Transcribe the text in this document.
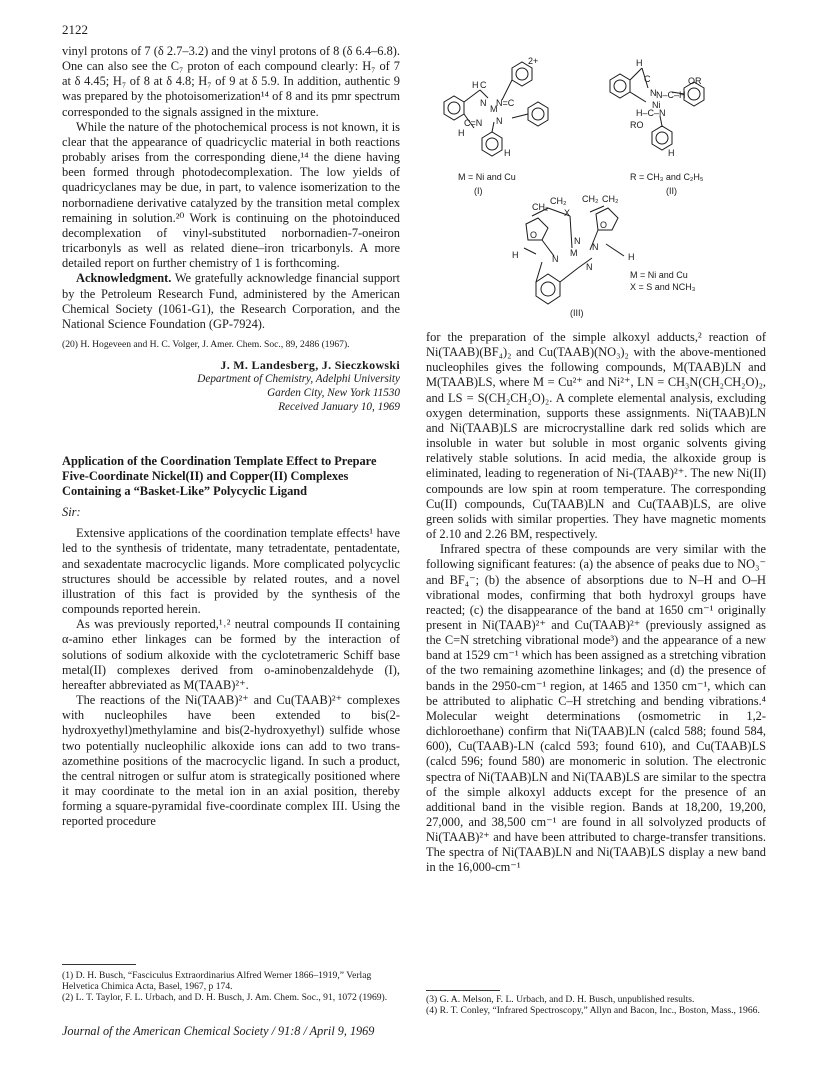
2122

vinyl protons of 7 (δ 2.7–3.2) and the vinyl protons of 8 (δ 6.4–6.8). One can also see the C₇ proton of each compound clearly: H₇ of 7 at δ 4.45; H₇ of 8 at δ 4.8; H₇ of 9 at δ 5.9. In addition, authentic 9 was prepared by the photoisomerization¹⁴ of 8 and its pmr spectrum corresponded to the signals assigned in the mixture.

While the nature of the photochemical process is not known, it is clear that the appearance of quadricyclic material in both reactions probably arises from the corresponding diene,¹⁴ the diene having been formed through photodecomplexation. The low yields of quadricyclanes may be due, in part, to valence isomerization to the norbornadiene derivative catalyzed by the transition metal complex remaining in solution.²⁰ Work is continuing on the photoinduced decomplexation of vinyl-substituted norbornadien-7-oneiron tricarbonyls as well as related diene–iron tricarbonyls. A more detailed report on further chemistry of 1 is forthcoming.

Acknowledgment. We gratefully acknowledge financial support by the Petroleum Research Fund, administered by the American Chemical Society (1061-G1), the Research Corporation, and the National Science Foundation (GP-7924).

(20) H. Hogeveen and H. C. Volger, J. Amer. Chem. Soc., 89, 2486 (1967).

J. M. Landesberg, J. Sieczkowski
Department of Chemistry, Adelphi University
Garden City, New York 11530
Received January 10, 1969
Application of the Coordination Template Effect to Prepare Five-Coordinate Nickel(II) and Copper(II) Complexes Containing a “Basket-Like” Polycyclic Ligand
Sir:

Extensive applications of the coordination template effects¹ have led to the synthesis of tridentate, many tetradentate, pentadentate, and sexadentate macrocyclic ligands. More complicated polycyclic structures should be accessible by related routes, and a novel illustration of this fact is provided by the synthesis of the compounds reported herein.

As was previously reported,¹˒² neutral compounds II containing α-amino ether linkages can be formed by the interaction of solutions of sodium alkoxide with the cyclotetrameric Schiff base metal(II) complexes derived from o-aminobenzaldehyde (I), hereafter abbreviated as M(TAAB)²⁺.

The reactions of the Ni(TAAB)²⁺ and Cu(TAAB)²⁺ complexes with nucleophiles have been extended to bis(2-hydroxyethyl)methylamine and bis(2-hydroxyethyl) sulfide whose two potentially nucleophilic alkoxide ions can add to two trans-azomethine positions of the macrocyclic ligand. In such a product, the central nitrogen or sulfur atom is strategically positioned where it may coordinate to the metal ion in an axial position, thereby forming a square-pyramidal five-coordinate complex III. Using the reported procedure

(1) D. H. Busch, “Fasciculus Extraordinarius Alfred Werner 1866–1919,” Verlag Helvetica Chimica Acta, Basel, 1967, p 174.

(2) L. T. Taylor, F. L. Urbach, and D. H. Busch, J. Am. Chem. Soc., 91, 1072 (1969).

2+
H C
N
M
N=C
C=N N
H
H
M = Ni and Cu
(I)
H
C
N N–C–H
OR
Ni
H–C–N
RO
H
R = CH₃ and C₂H₅
(II)
CH₂
CH₂ CH₂ CH₂
X
O
O
N
M
N
N
N
H	H
M = Ni and Cu
X = S and NCH₃
(III)

for the preparation of the simple alkoxyl adducts,² reaction of Ni(TAAB)(BF₄)₂ and Cu(TAAB)(NO₃)₂ with the above-mentioned nucleophiles gives the following compounds, M(TAAB)LN and M(TAAB)LS, where M = Cu²⁺ and Ni²⁺, LN = CH₃N(CH₂CH₂O)₂, and LS = S(CH₂CH₂O)₂. A complete elemental analysis, excluding oxygen determination, supports these assignments. Ni(TAAB)LN and Ni(TAAB)LS are microcrystalline dark red solids which are insoluble in water but soluble in most organic solvents giving relatively stable solutions. In acid media, the alkoxide group is eliminated, leading to regeneration of Ni-(TAAB)²⁺. The new Ni(II) compounds are low spin at room temperature. The corresponding Cu(II) compounds, Cu(TAAB)LN and Cu(TAAB)LS, are olive green solids with similar properties. They have magnetic moments of 2.10 and 2.26 BM, respectively.

Infrared spectra of these compounds are very similar with the following significant features: (a) the absence of peaks due to NO₃⁻ and BF₄⁻; (b) the absence of absorptions due to N–H and O–H vibrational modes, confirming that both hydroxyl groups have reacted; (c) the disappearance of the band at 1650 cm⁻¹ originally present in Ni(TAAB)²⁺ and Cu(TAAB)²⁺ (previously assigned as the C=N stretching vibrational mode³) and the appearance of a new band at 1529 cm⁻¹ which has been assigned as a stretching vibration of the two remaining azomethine linkages; and (d) the presence of bands in the 2950-cm⁻¹ region, at 1465 and 1350 cm⁻¹, which can be attributed to aliphatic C–H stretching and bending vibrations.⁴ Molecular weight determinations (osmometric in 1,2-dichloroethane) confirm that Ni(TAAB)LN (calcd 588; found 584, 600), Cu(TAAB)-LN (calcd 593; found 610), and Cu(TAAB)LS (calcd 596; found 580) are monomeric in solution. The electronic spectra of Ni(TAAB)LN and Ni(TAAB)LS are similar to the spectra of the simple alkoxyl adducts except for the presence of an additional band in the visible region. Bands at 18,200, 19,200, 27,000, and 38,500 cm⁻¹ are found in all solvolyzed products of Ni(TAAB)²⁺ and have been attributed to charge-transfer transitions. The spectra of Ni(TAAB)LN and Ni(TAAB)LS display a new band in the 16,000-cm⁻¹

(3) G. A. Melson, F. L. Urbach, and D. H. Busch, unpublished results.

(4) R. T. Conley, “Infrared Spectroscopy,” Allyn and Bacon, Inc., Boston, Mass., 1966.

Journal of the American Chemical Society / 91:8 / April 9, 1969
